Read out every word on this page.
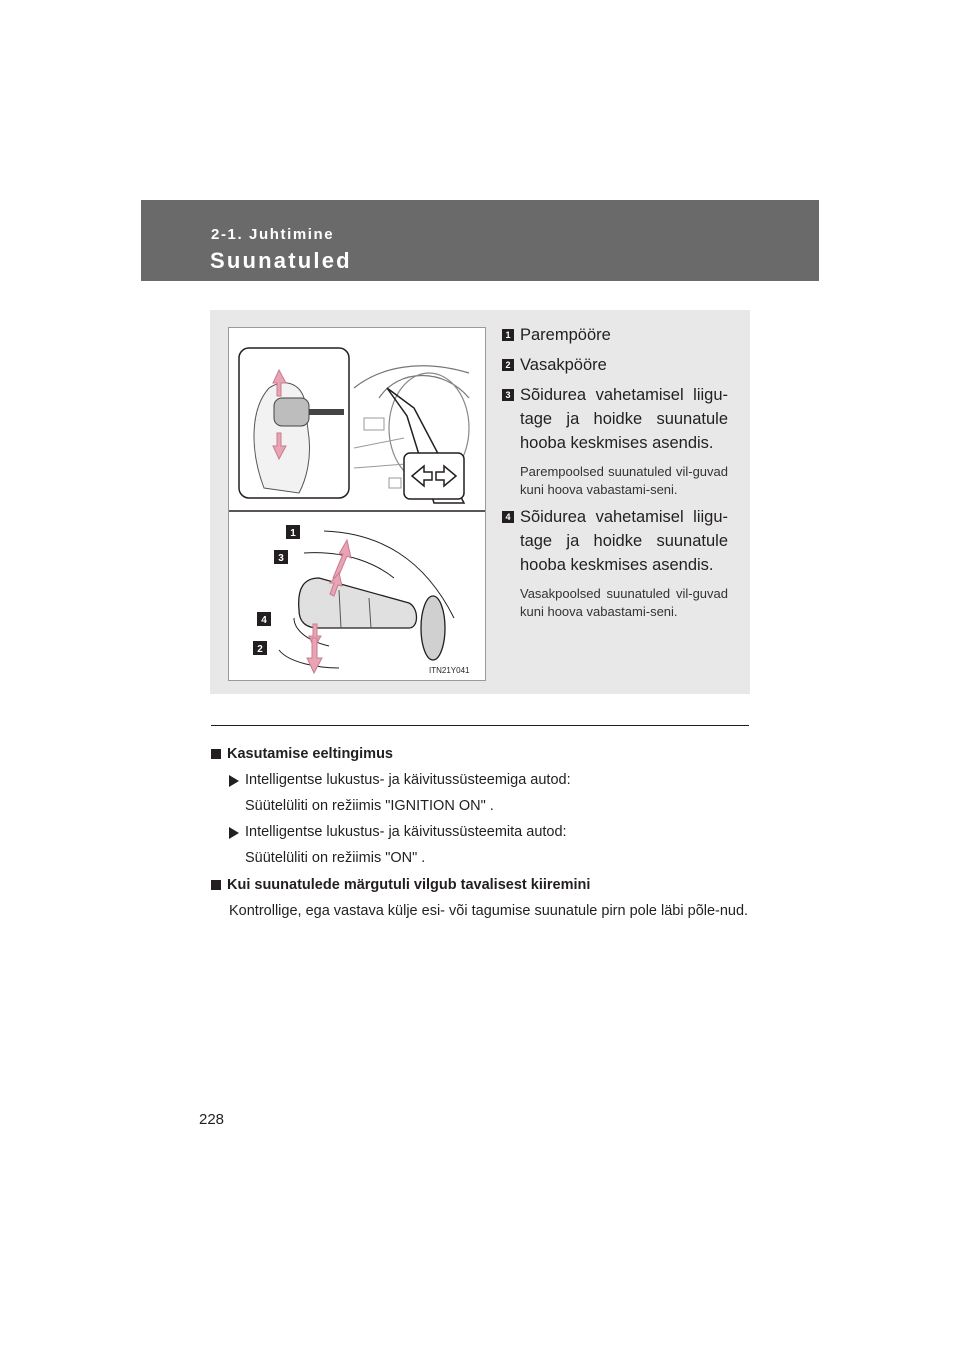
2-1. Juhtimine
Suunatuled
1
3
4
2
ITN21Y041
1 Parempööre
2 Vasakpööre
3 Sõidurea vahetamisel liigu-tage ja hoidke suunatule hooba keskmises asendis.
Parempoolsed suunatuled vil-guvad kuni hoova vabastami-seni.
4 Sõidurea vahetamisel liigu-tage ja hoidke suunatule hooba keskmises asendis.
Vasakpoolsed suunatuled vil-guvad kuni hoova vabastami-seni.
Kasutamise eeltingimus
Intelligentse lukustus- ja käivitussüsteemiga autod:
Süütelüliti on režiimis "IGNITION ON" .
Intelligentse lukustus- ja käivitussüsteemita autod:
Süütelüliti on režiimis "ON" .
Kui suunatulede märgutuli vilgub tavalisest kiiremini
Kontrollige, ega vastava külje esi- või tagumise suunatule pirn pole läbi põle-nud.
228
